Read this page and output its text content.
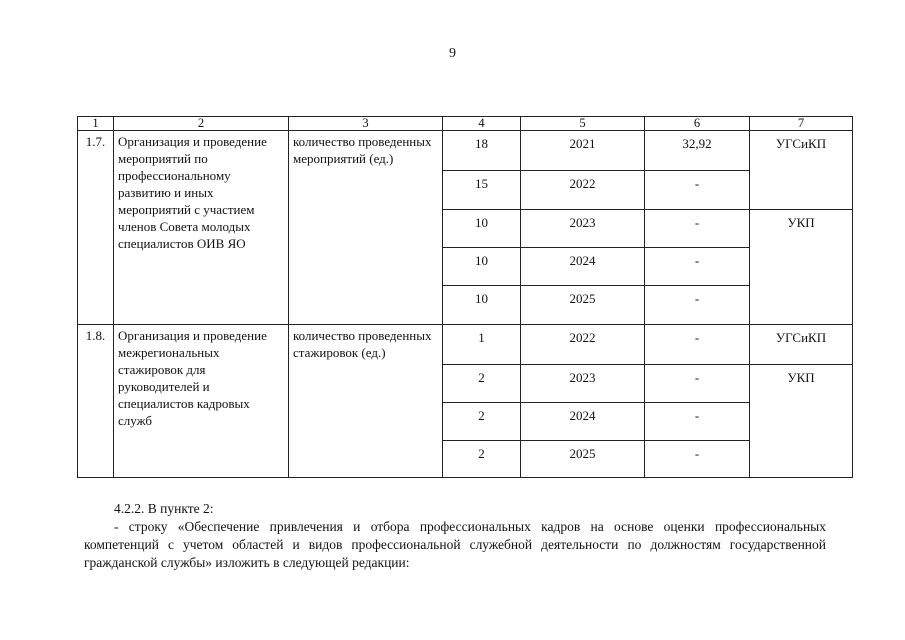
9
1	2	3	4	5	6	7
1.7.	Организация и проведение мероприятий по профессиональному развитию и иных мероприятий с участием членов Совета молодых специалистов ОИВ ЯО	количество проведенных мероприятий (ед.)	18	2021	32,92	УГСиКП
			15	2022	-	
			10	2023	-	УКП
			10	2024	-	
			10	2025	-	
1.8.	Организация и проведение межрегиональных стажировок для руководителей и специалистов кадровых служб	количество проведенных стажировок (ед.)	1	2022	-	УГСиКП
			2	2023	-	УКП
			2	2024	-	
			2	2025	-	
4.2.2. В пункте 2:
- строку «Обеспечение привлечения и отбора профессиональных кадров на основе оценки профессиональных компетенций с учетом областей и видов профессиональной служебной деятельности по должностям государственной гражданской службы» изложить в следующей редакции:
